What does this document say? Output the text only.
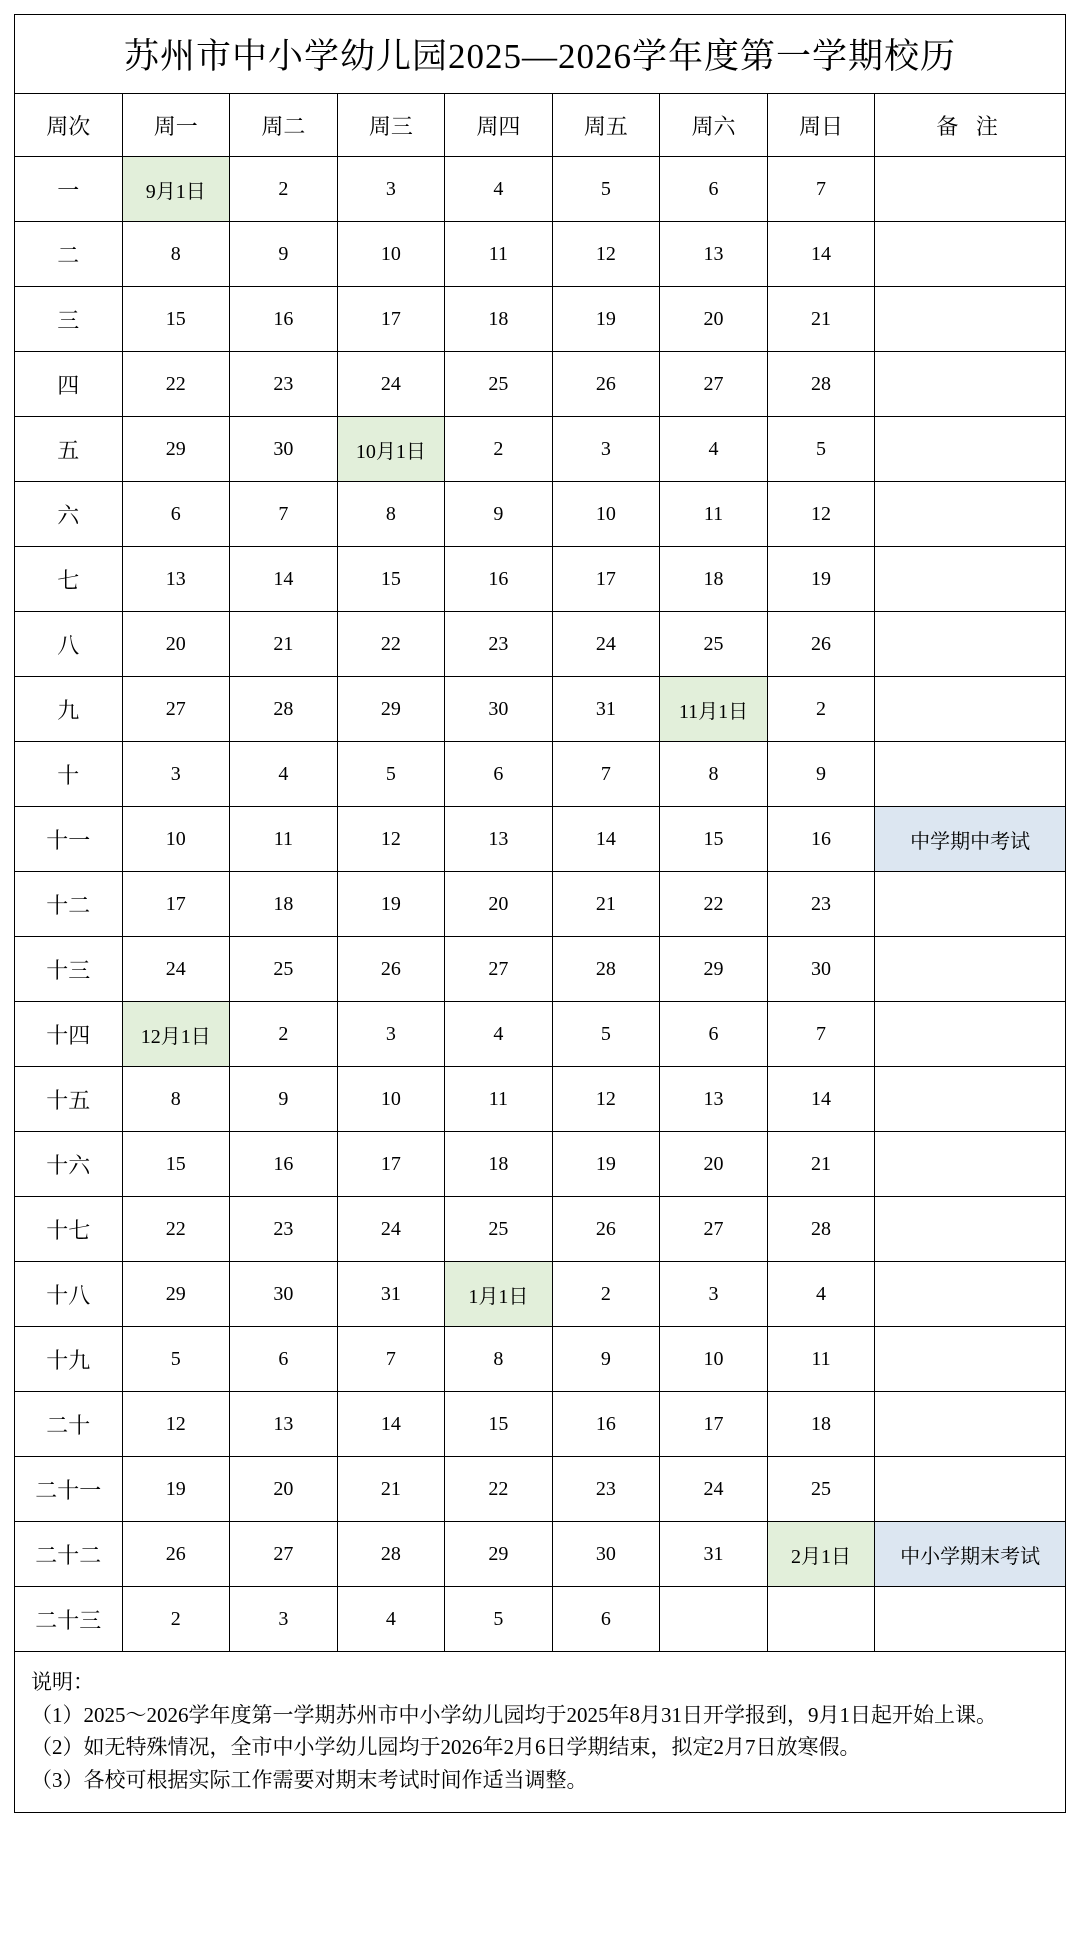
苏州市中小学幼儿园2025—2026学年度第一学期校历								
周次	周一	周二	周三	周四	周五	周六	周日	备 注
一	9月1日	2	3	4	5	6	7	
二	8	9	10	11	12	13	14	
三	15	16	17	18	19	20	21	
四	22	23	24	25	26	27	28	
五	29	30	10月1日	2	3	4	5	
六	6	7	8	9	10	11	12	
七	13	14	15	16	17	18	19	
八	20	21	22	23	24	25	26	
九	27	28	29	30	31	11月1日	2	
十	3	4	5	6	7	8	9	
十一	10	11	12	13	14	15	16	中学期中考试
十二	17	18	19	20	21	22	23	
十三	24	25	26	27	28	29	30	
十四	12月1日	2	3	4	5	6	7	
十五	8	9	10	11	12	13	14	
十六	15	16	17	18	19	20	21	
十七	22	23	24	25	26	27	28	
十八	29	30	31	1月1日	2	3	4	
十九	5	6	7	8	9	10	11	
二十	12	13	14	15	16	17	18	
二十一	19	20	21	22	23	24	25	
二十二	26	27	28	29	30	31	2月1日	中小学期末考试
二十三	2	3	4	5	6			

说明：

（1）2025～2026学年度第一学期苏州市中小学幼儿园均于2025年8月31日开学报到，9月1日起开始上课。

（2）如无特殊情况，全市中小学幼儿园均于2026年2月6日学期结束，拟定2月7日放寒假。

（3）各校可根据实际工作需要对期末考试时间作适当调整。
